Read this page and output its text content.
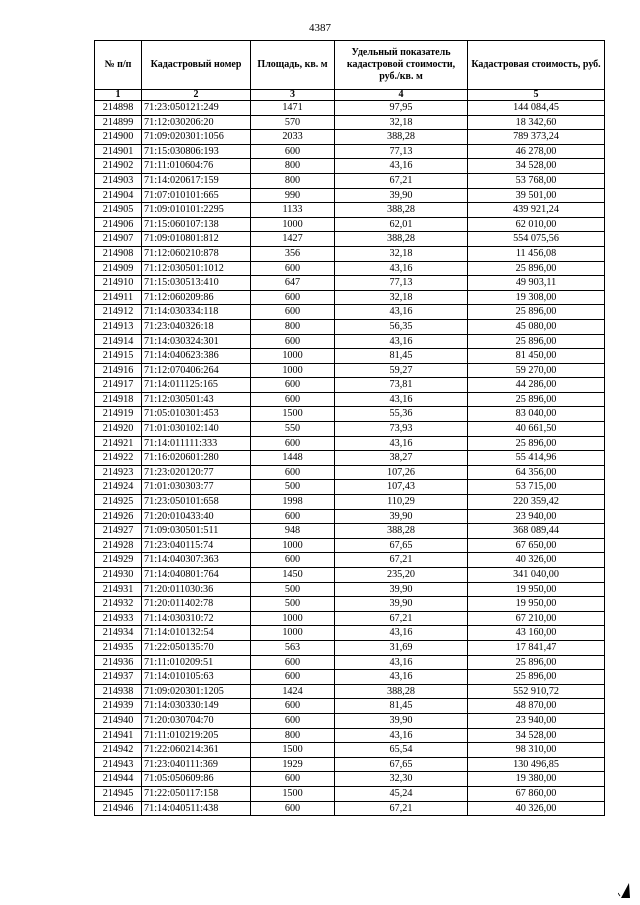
4387
№ п/п	Кадастровый номер	Площадь, кв. м	Удельный показатель кадастровой стоимости, руб./кв. м	Кадастровая стоимость, руб.
1	2	3	4	5
214898	71:23:050121:249	1471	97,95	144 084,45
214899	71:12:030206:20	570	32,18	18 342,60
214900	71:09:020301:1056	2033	388,28	789 373,24
214901	71:15:030806:193	600	77,13	46 278,00
214902	71:11:010604:76	800	43,16	34 528,00
214903	71:14:020617:159	800	67,21	53 768,00
214904	71:07:010101:665	990	39,90	39 501,00
214905	71:09:010101:2295	1133	388,28	439 921,24
214906	71:15:060107:138	1000	62,01	62 010,00
214907	71:09:010801:812	1427	388,28	554 075,56
214908	71:12:060210:878	356	32,18	11 456,08
214909	71:12:030501:1012	600	43,16	25 896,00
214910	71:15:030513:410	647	77,13	49 903,11
214911	71:12:060209:86	600	32,18	19 308,00
214912	71:14:030334:118	600	43,16	25 896,00
214913	71:23:040326:18	800	56,35	45 080,00
214914	71:14:030324:301	600	43,16	25 896,00
214915	71:14:040623:386	1000	81,45	81 450,00
214916	71:12:070406:264	1000	59,27	59 270,00
214917	71:14:011125:165	600	73,81	44 286,00
214918	71:12:030501:43	600	43,16	25 896,00
214919	71:05:010301:453	1500	55,36	83 040,00
214920	71:01:030102:140	550	73,93	40 661,50
214921	71:14:011111:333	600	43,16	25 896,00
214922	71:16:020601:280	1448	38,27	55 414,96
214923	71:23:020120:77	600	107,26	64 356,00
214924	71:01:030303:77	500	107,43	53 715,00
214925	71:23:050101:658	1998	110,29	220 359,42
214926	71:20:010433:40	600	39,90	23 940,00
214927	71:09:030501:511	948	388,28	368 089,44
214928	71:23:040115:74	1000	67,65	67 650,00
214929	71:14:040307:363	600	67,21	40 326,00
214930	71:14:040801:764	1450	235,20	341 040,00
214931	71:20:011030:36	500	39,90	19 950,00
214932	71:20:011402:78	500	39,90	19 950,00
214933	71:14:030310:72	1000	67,21	67 210,00
214934	71:14:010132:54	1000	43,16	43 160,00
214935	71:22:050135:70	563	31,69	17 841,47
214936	71:11:010209:51	600	43,16	25 896,00
214937	71:14:010105:63	600	43,16	25 896,00
214938	71:09:020301:1205	1424	388,28	552 910,72
214939	71:14:030330:149	600	81,45	48 870,00
214940	71:20:030704:70	600	39,90	23 940,00
214941	71:11:010219:205	800	43,16	34 528,00
214942	71:22:060214:361	1500	65,54	98 310,00
214943	71:23:040111:369	1929	67,65	130 496,85
214944	71:05:050609:86	600	32,30	19 380,00
214945	71:22:050117:158	1500	45,24	67 860,00
214946	71:14:040511:438	600	67,21	40 326,00
